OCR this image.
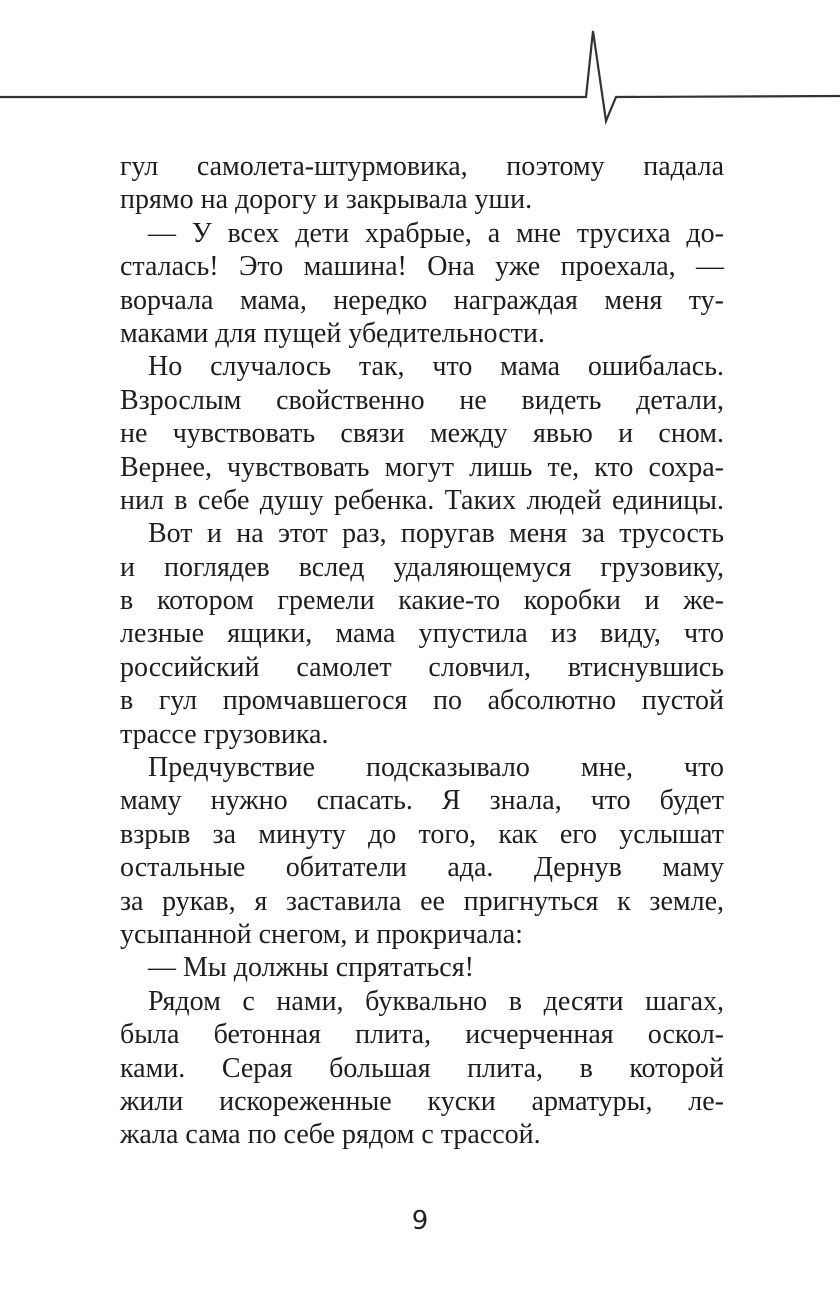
гул самолета-штурмовика, поэтому падала
прямо на дорогу и закрывала уши.
— У всех дети храбрые, а мне трусиха до-
сталась! Это машина! Она уже проехала, —
ворчала мама, нередко награждая меня ту-
маками для пущей убедительности.
Но случалось так, что мама ошибалась.
Взрослым свойственно не видеть детали,
не чувствовать связи между явью и сном.
Вернее, чувствовать могут лишь те, кто сохра-
нил в себе душу ребенка. Таких людей единицы.
Вот и на этот раз, поругав меня за трусость
и поглядев вслед удаляющемуся грузовику,
в котором гремели какие-то коробки и же-
лезные ящики, мама упустила из виду, что
российский самолет словчил, втиснувшись
в гул промчавшегося по абсолютно пустой
трассе грузовика.
Предчувствие подсказывало мне, что
маму нужно спасать. Я знала, что будет
взрыв за минуту до того, как его услышат
остальные обитатели ада. Дернув маму
за рукав, я заставила ее пригнуться к земле,
усыпанной снегом, и прокричала:
— Мы должны спрятаться!
Рядом с нами, буквально в десяти шагах,
была бетонная плита, исчерченная оскол-
ками. Серая большая плита, в которой
жили искореженные куски арматуры, ле-
жала сама по себе рядом с трассой.
9
